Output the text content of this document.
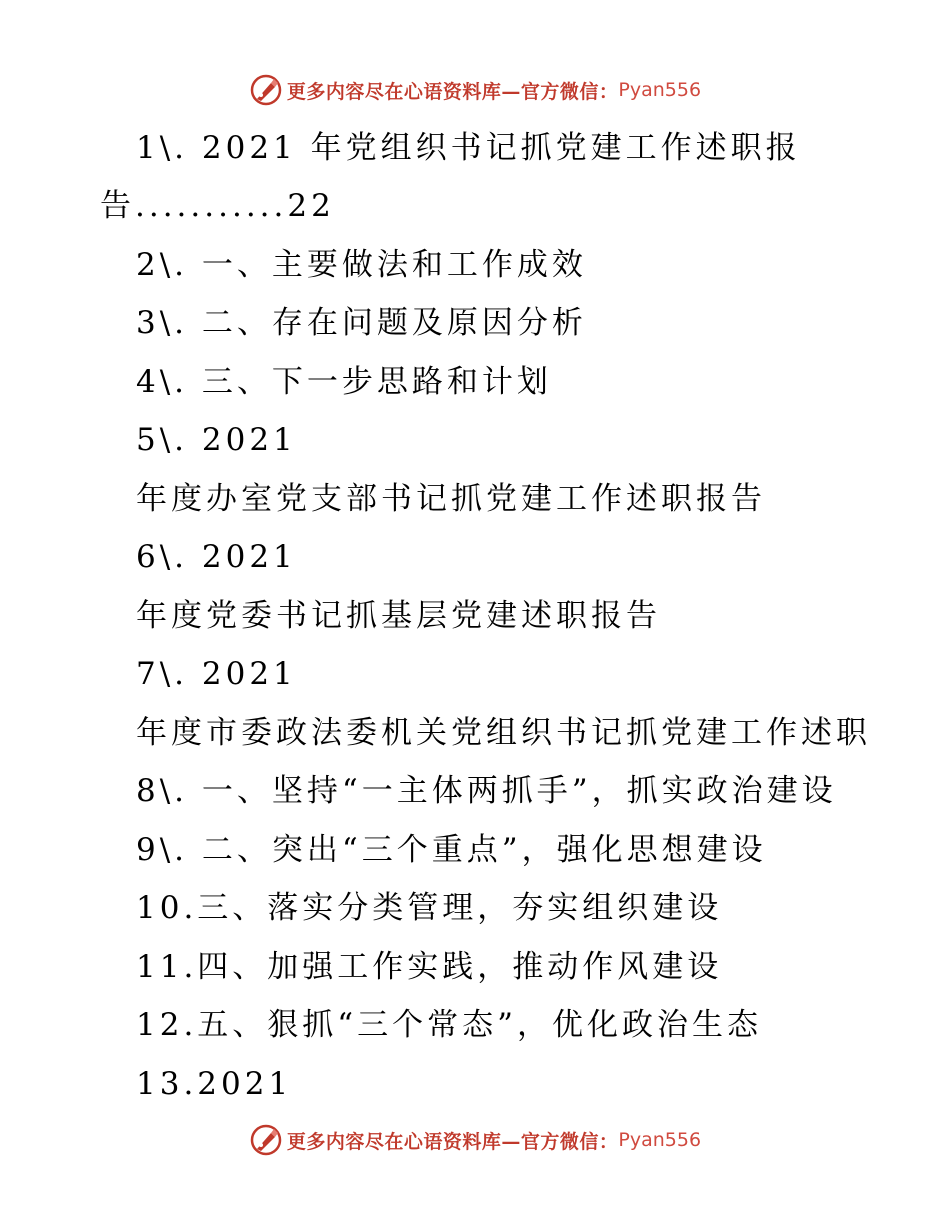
更多内容尽在心语资料库—官方微信： Pyan556
1\. 2021 年党组织书记抓党建工作述职报
告...........22
2\. 一、主要做法和工作成效
3\. 二、存在问题及原因分析
4\. 三、下一步思路和计划
5\. 2021
年度办室党支部书记抓党建工作述职报告
6\. 2021
年度党委书记抓基层党建述职报告
7\. 2021
年度市委政法委机关党组织书记抓党建工作述职
8\. 一、坚持“一主体两抓手”，抓实政治建设
9\. 二、突出“三个重点”，强化思想建设
10.三、落实分类管理，夯实组织建设
11.四、加强工作实践，推动作风建设
12.五、狠抓“三个常态”，优化政治生态
13.2021
更多内容尽在心语资料库—官方微信： Pyan556
